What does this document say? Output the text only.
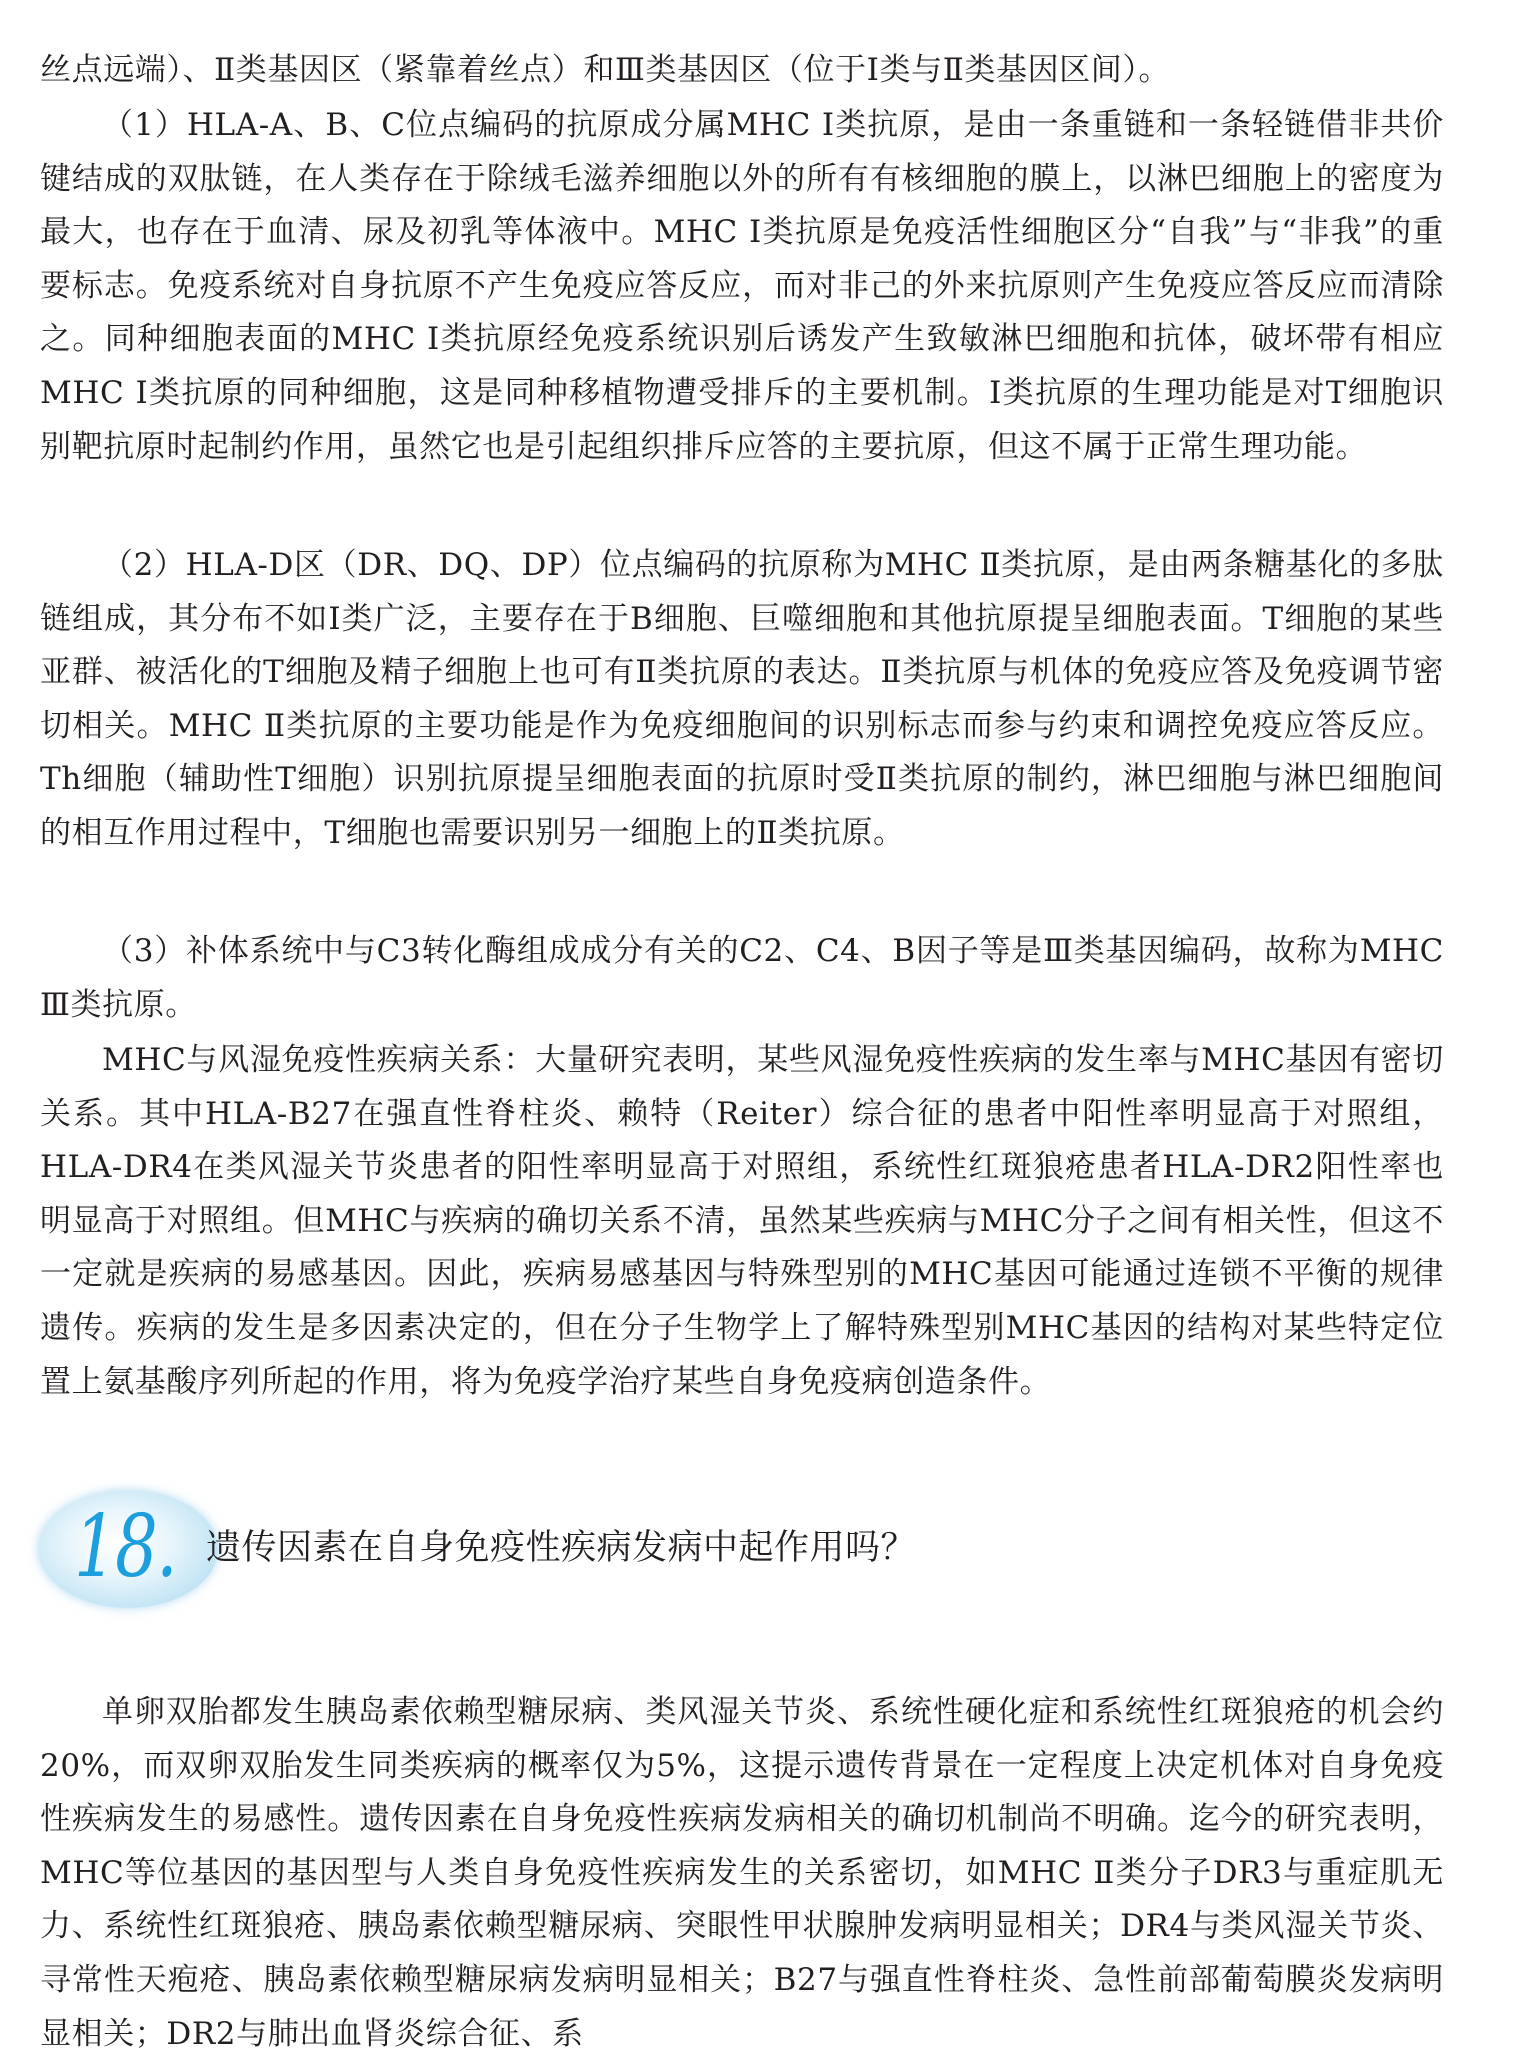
丝点远端）、Ⅱ类基因区（紧靠着丝点）和Ⅲ类基因区（位于Ⅰ类与Ⅱ类基因区间）。

（1）HLA-A、B、C位点编码的抗原成分属MHC Ⅰ类抗原，是由一条重链和一条轻链借非共价键结成的双肽链，在人类存在于除绒毛滋养细胞以外的所有有核细胞的膜上，以淋巴细胞上的密度为最大，也存在于血清、尿及初乳等体液中。MHC Ⅰ类抗原是免疫活性细胞区分“自我”与“非我”的重要标志。免疫系统对自身抗原不产生免疫应答反应，而对非己的外来抗原则产生免疫应答反应而清除之。同种细胞表面的MHC Ⅰ类抗原经免疫系统识别后诱发产生致敏淋巴细胞和抗体，破坏带有相应MHC Ⅰ类抗原的同种细胞，这是同种移植物遭受排斥的主要机制。Ⅰ类抗原的生理功能是对T细胞识别靶抗原时起制约作用，虽然它也是引起组织排斥应答的主要抗原，但这不属于正常生理功能。

（2）HLA-D区（DR、DQ、DP）位点编码的抗原称为MHC Ⅱ类抗原，是由两条糖基化的多肽链组成，其分布不如Ⅰ类广泛，主要存在于B细胞、巨噬细胞和其他抗原提呈细胞表面。T细胞的某些亚群、被活化的T细胞及精子细胞上也可有Ⅱ类抗原的表达。Ⅱ类抗原与机体的免疫应答及免疫调节密切相关。MHC Ⅱ类抗原的主要功能是作为免疫细胞间的识别标志而参与约束和调控免疫应答反应。Th细胞（辅助性T细胞）识别抗原提呈细胞表面的抗原时受Ⅱ类抗原的制约，淋巴细胞与淋巴细胞间的相互作用过程中，T细胞也需要识别另一细胞上的Ⅱ类抗原。

（3）补体系统中与C3转化酶组成成分有关的C2、C4、B因子等是Ⅲ类基因编码，故称为MHC Ⅲ类抗原。

MHC与风湿免疫性疾病关系：大量研究表明，某些风湿免疫性疾病的发生率与MHC基因有密切关系。其中HLA-B27在强直性脊柱炎、赖特（Reiter）综合征的患者中阳性率明显高于对照组，HLA-DR4在类风湿关节炎患者的阳性率明显高于对照组，系统性红斑狼疮患者HLA-DR2阳性率也明显高于对照组。但MHC与疾病的确切关系不清，虽然某些疾病与MHC分子之间有相关性，但这不一定就是疾病的易感基因。因此，疾病易感基因与特殊型别的MHC基因可能通过连锁不平衡的规律遗传。疾病的发生是多因素决定的，但在分子生物学上了解特殊型别MHC基因的结构对某些特定位置上氨基酸序列所起的作用，将为免疫学治疗某些自身免疫病创造条件。

18. 遗传因素在自身免疫性疾病发病中起作用吗？

单卵双胎都发生胰岛素依赖型糖尿病、类风湿关节炎、系统性硬化症和系统性红斑狼疮的机会约20%，而双卵双胎发生同类疾病的概率仅为5%，这提示遗传背景在一定程度上决定机体对自身免疫性疾病发生的易感性。遗传因素在自身免疫性疾病发病相关的确切机制尚不明确。迄今的研究表明，MHC等位基因的基因型与人类自身免疫性疾病发生的关系密切，如MHC Ⅱ类分子DR3与重症肌无力、系统性红斑狼疮、胰岛素依赖型糖尿病、突眼性甲状腺肿发病明显相关；DR4与类风湿关节炎、寻常性天疱疮、胰岛素依赖型糖尿病发病明显相关；B27与强直性脊柱炎、急性前部葡萄膜炎发病明显相关；DR2与肺出血肾炎综合征、系
